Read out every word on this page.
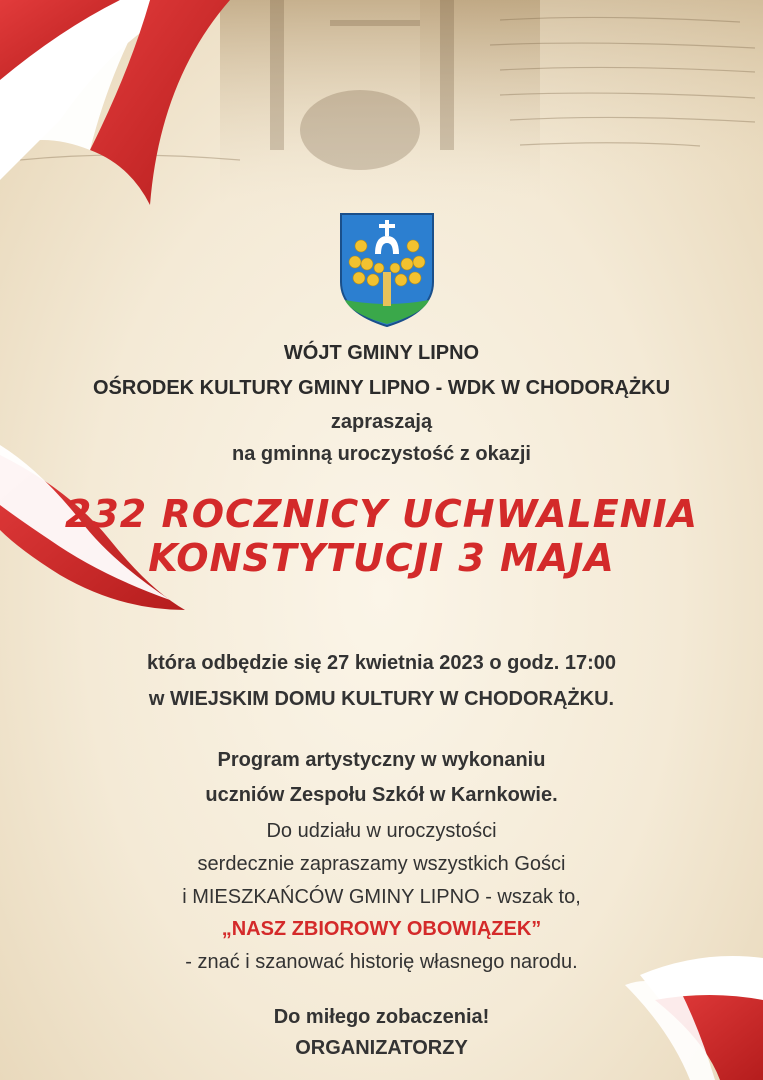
WÓJT GMINY LIPNO
OŚRODEK KULTURY GMINY LIPNO - WDK W CHODORĄŻKU
zapraszają
na gminną uroczystość z okazji
232 ROCZNICY UCHWALENIA
KONSTYTUCJI 3 MAJA
która odbędzie się 27 kwietnia 2023 o godz. 17:00
w WIEJSKIM DOMU KULTURY W CHODORĄŻKU.
Program artystyczny w wykonaniu
uczniów Zespołu Szkół w Karnkowie.
Do udziału w uroczystości
serdecznie zapraszamy wszystkich Gości
i MIESZKAŃCÓW GMINY LIPNO - wszak to,
„NASZ ZBIOROWY OBOWIĄZEK”
- znać i szanować historię własnego narodu.
Do miłego zobaczenia!
ORGANIZATORZY
